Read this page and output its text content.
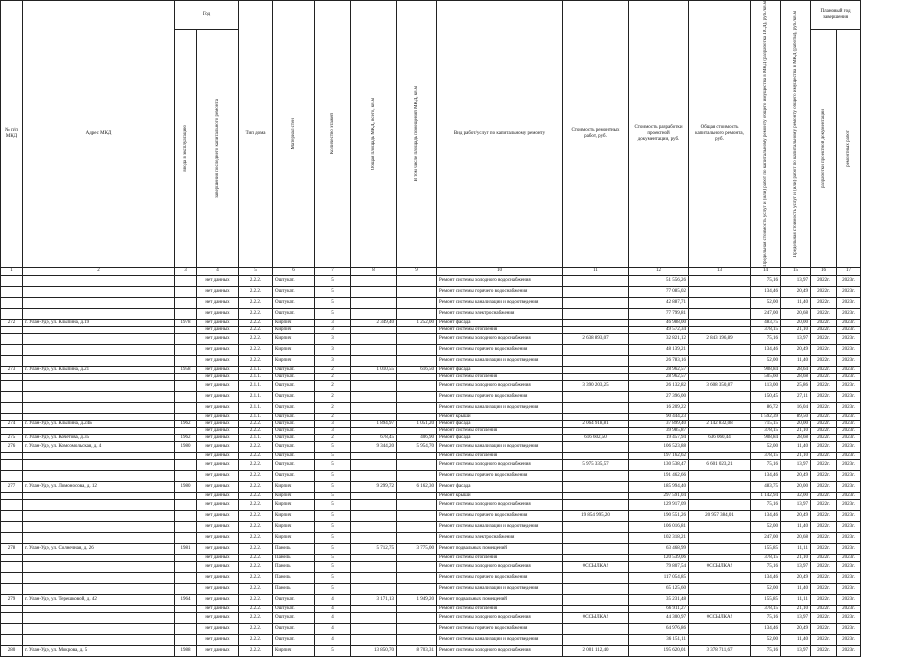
№ п/п МКД	Адрес МКД	Год		Тип дома	Материал стен	Количество этажей	Общая площадь МКД, всего, кв.м	В том числе площадь помещений МКД, кв.м	Вид работ/услуг по капитальному ремонту	Стоимость ремонтных работ, руб.	Стоимость разработки проектной документации, руб.	Общая стоимость капитального ремонта, руб.	Предельная стоимость услуг и (или) работ по капитальному ремонту общего имущества в МКД (разработка ПСД), руб./кв.м	Предельная стоимость услуг и (или) работ по капитальному ремонту общего имущества в МКД (работы), руб./кв.м	Плановый год завершения	

		ввода в эксплуатацию	завершения последнего капитального ремонта												разработки проектной документации	ремонтных работ

1	2	3	4	5	6	7	8	9	10	11	12	13	14	15	16	17
			нет данных	2.2.2.	Оштукат.	5			Ремонт системы холодного водоснабжения		51 556,26		75,16	13,97	2022г.	2023г.
			нет данных	2.2.2.	Оштукат.	5			Ремонт системы горячего водоснабжения		77 085,02		134,46	20,49	2022г.	2023г.
			нет данных	2.2.2.	Оштукат.	5			Ремонт системы канализации и водоотведения		42 887,71		52,00	11,40	2022г.	2023г.
			нет данных	2.2.2.	Оштукат.	5			Ремонт системы электроснабжения		77 799,81		247,00	20,68	2022г.	2023г.
272	г. Улан-Удэ, ул. Клыпина, д.19	1978	нет данных	2.2.2.	Кирпич	3	2 349,40	1 252,00	Ремонт фасада		46 988,00		483,75	20,00	2022г.	2023г.
			нет данных	2.2.2.	Кирпич	3			Ремонт системы отопления		49 572,34		378,15	21,10	2022г.	2023г.
			нет данных	2.2.2.	Кирпич	3			Ремонт системы холодного водоснабжения	2 638 893,07	32 821,12	2 843 196,89	75,16	13,97	2022г.	2023г.
			нет данных	2.2.2.	Кирпич	3			Ремонт системы горячего водоснабжения		48 139,21		134,46	20,49	2022г.	2023г.
			нет данных	2.2.2.	Кирпич	3			Ремонт системы канализации и водоотведения		26 783,16		52,00	11,40	2022г.	2023г.
273	г. Улан-Удэ, ул. Клыпина, д.21	1958	нет данных	2.1.1.	Оштукат.	2	1 010,55	616,50	Ремонт фасада		28 962,57		908,84	28,64	2022г.	2023г.
			нет данных	2.1.1.	Оштукат.	2			Ремонт системы отопления		28 962,57		505,60	28,68	2022г.	2023г.
			нет данных	2.1.1.	Оштукат.	2			Ремонт системы холодного водоснабжения	3 390 203,25	26 132,82	3 608 350,87	113,00	25,86	2022г.	2023г.
			нет данных	2.1.1.	Оштукат.	2			Ремонт системы горячего водоснабжения		27 396,00		150,45	27,11	2022г.	2023г.
			нет данных	2.1.1.	Оштукат.	2			Ремонт системы канализации и водоотведения		16 209,22		86,72	16,04	2022г.	2023г.
			нет данных	2.1.1.	Оштукат.	2			Ремонт крыши		90 444,23		1 592,39	89,50	2022г.	2023г.
274	г. Улан-Удэ, ул. Клыпина, д.24Б	1962	нет данных	2.2.2.	Оштукат.	3	1 894,97	1 051,20	Ремонт фасада	2 064 918,81	37 899,40	2 142 832,08	715,15	20,00	2022г.	2023г.
			нет данных	2.2.2.	Оштукат.	3			Ремонт системы отопления		39 985,87		378,15	21,10	2022г.	2023г.
275	г. Улан-Удэ, ул. Кочетова, д.35	1962	нет данных	2.1.1.	Оштукат.	2	678,45	406,90	Ремонт фасада	616 602,50	19 457,94	636 060,44	908,84	28,68	2022г.	2023г.
276	г. Улан-Удэ, ул. Комсомольская, д. 4	1980	нет данных	2.2.2.	Оштукат.	5	9 344,20	5 954,70	Ремонт системы канализации и водоотведения		106 523,88		52,00	11,40	2022г.	2023г.
			нет данных	2.2.2.	Оштукат.	5			Ремонт системы отопления		197 162,62		378,15	21,10	2022г.	2023г.
			нет данных	2.2.2.	Оштукат.	5			Ремонт системы холодного водоснабжения	5 975 335,57	130 538,47	6 601 023,21	75,16	13,97	2022г.	2023г.
			нет данных	2.2.2.	Оштукат.	5			Ремонт системы горячего водоснабжения		191 462,66		134,46	20,49	2022г.	2023г.
277	г. Улан-Удэ, ул. Ломоносова, д. 12	1980	нет данных	2.2.2.	Кирпич	5	9 299,72	6 162,30	Ремонт фасада		185 994,40		483,75	20,00	2022г.	2023г.
			нет данных	2.2.2.	Кирпич	5			Ремонт крыши		297 591,04		1 142,94	32,00	2022г.	2023г.
			нет данных	2.2.2.	Кирпич	5			Ремонт системы холодного водоснабжения		129 917,09		75,16	13,97	2022г.	2023г.
			нет данных	2.2.2.	Кирпич	5			Ремонт системы горячего водоснабжения	19 854 995,20	190 551,26	20 957 384,01	134,46	20,49	2022г.	2023г.
			нет данных	2.2.2.	Кирпич	5			Ремонт системы канализации и водоотведения		106 016,81		52,00	11,40	2022г.	2023г.
			нет данных	2.2.2.	Кирпич	5			Ремонт системы электроснабжения		102 318,21		247,00	20,68	2022г.	2023г.
278	г. Улан-Удэ, ул. Солнечная, д. 26	1981	нет данных	2.2.2.	Панель	5	5 712,75	3 775,00	Ремонт подвальных помещений		63 468,99		155,85	11,11	2022г.	2023г.
			нет данных	2.2.2.	Панель	5			Ремонт системы отопления		120 539,06		378,15	21,10	2022г.	2023г.
			нет данных	2.2.2.	Панель	5			Ремонт системы холодного водоснабжения	#ССЫЛКА!	79 807,54	#ССЫЛКА!	75,16	13,97	2022г.	2023г.
			нет данных	2.2.2.	Панель	5			Ремонт системы горячего водоснабжения		117 054,85		134,46	20,49	2022г.	2023г.
			нет данных	2.2.2.	Панель	5			Ремонт системы канализации и водоотведения		65 125,60		52,00	11,40	2022г.	2023г.
279	г. Улан-Удэ, ул. Терешковой, д. 42	1964	нет данных	2.2.2.	Оштукат.	4	3 171,13	1 949,20	Ремонт подвальных помещений		35 231,48		155,85	11,11	2022г.	2023г.
			нет данных	2.2.2.	Оштукат.	4			Ремонт системы отопления		66 911,27		378,15	21,10	2022г.	2023г.
			нет данных	2.2.2.	Оштукат.	4			Ремонт системы холодного водоснабжения	#ССЫЛКА!	44 300,97	#ССЫЛКА!	75,16	13,97	2022г.	2023г.
			нет данных	2.2.2.	Оштукат.	4			Ремонт системы горячего водоснабжения		64 976,86		134,46	20,49	2022г.	2023г.
			нет данных	2.2.2.	Оштукат.	4			Ремонт системы канализации и водоотведения		36 151,11		52,00	11,40	2022г.	2023г.
280	г. Улан-Удэ, ул. Мокрова, д. 5	1988	нет данных	2.2.2.	Кирпич	5	13 850,70	8 703,31	Ремонт системы холодного водоснабжения	2 001 112,40	195 620,01	3 378 711,67	75,16	13,97	2022г.	2023г.
